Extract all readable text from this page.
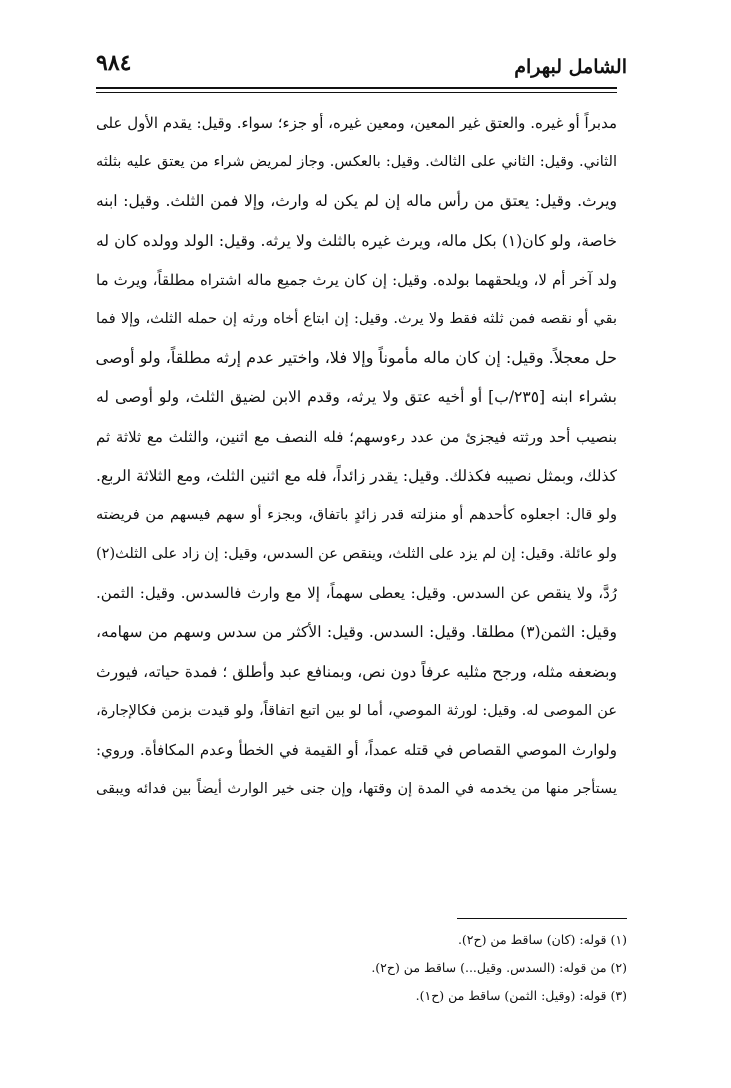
الشامل لبهرام
٩٨٤
مدبراً أو غيره. والعتق غير المعين، ومعين غيره، أو جزء؛ سواء. وقيل: يقدم الأول على
الثاني. وقيل: الثاني على الثالث. وقيل: بالعكس. وجاز لمريض شراء من يعتق عليه بثلثه
ويرث. وقيل: يعتق من رأس ماله إن لم يكن له وارث، وإلا فمن الثلث. وقيل: ابنه
خاصة، ولو كان(١) بكل ماله، ويرث غيره بالثلث ولا يرثه. وقيل: الولد وولده كان له
ولد آخر أم لا، ويلحقهما بولده. وقيل: إن كان يرث جميع ماله اشتراه مطلقاً، ويرث ما
بقي أو نقصه فمن ثلثه فقط ولا يرث. وقيل: إن ابتاع أخاه ورثه إن حمله الثلث، وإلا فما
حل معجلاً. وقيل: إن كان ماله مأموناً وإلا فلا، واختير عدم إرثه مطلقاً، ولو أوصى
بشراء ابنه [٢٣٥/ب] أو أخيه عتق ولا يرثه، وقدم الابن لضيق الثلث، ولو أوصى له
بنصيب أحد ورثته فيجزئ من عدد رءوسهم؛ فله النصف مع اثنين، والثلث مع ثلاثة ثم
كذلك، وبمثل نصيبه فكذلك. وقيل: يقدر زائداً، فله مع اثنين الثلث، ومع الثلاثة الربع.
ولو قال: اجعلوه كأحدهم أو منزلته قدر زائدٍ باتفاق، وبجزء أو سهم فيسهم من فريضته
ولو عائلة. وقيل: إن لم يزد على الثلث، وينقص عن السدس، وقيل: إن زاد على الثلث(٢)
رُدَّ، ولا ينقص عن السدس. وقيل: يعطى سهماً، إلا مع وارث فالسدس. وقيل: الثمن.
وقيل: الثمن(٣) مطلقا. وقيل: السدس. وقيل: الأكثر من سدس وسهم من سهامه،
وبضعفه مثله، ورجح مثليه عرفاً دون نص، وبمنافع عبد وأطلق ؛ فمدة حياته، فيورث
عن الموصى له. وقيل: لورثة الموصي، أما لو بين اتبع اتفاقاً، ولو قيدت بزمن فكالإجارة،
ولوارث الموصي القصاص في قتله عمداً، أو القيمة في الخطأ وعدم المكافأة. وروي:
يستأجر منها من يخدمه في المدة إن وقتها، وإن جنى خير الوارث أيضاً بين فدائه ويبقى
(١) قوله: (كان) ساقط من (ح٢).
(٢) من قوله: (السدس. وقيل...) ساقط من (ح٢).
(٣) قوله: (وقيل: الثمن) ساقط من (ح١).
